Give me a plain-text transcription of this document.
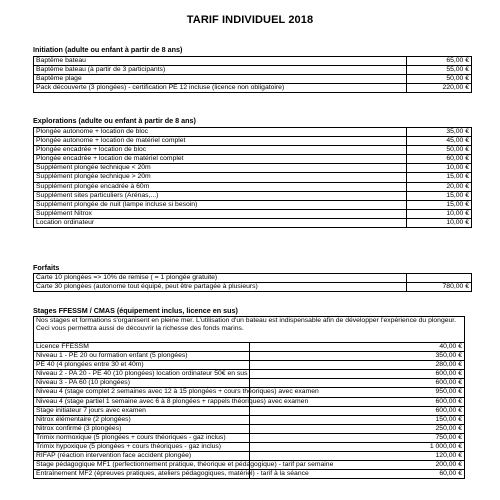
TARIF INDIVIDUEL 2018
Initiation (adulte ou enfant à partir de 8 ans)
Baptême bateau	65,00 €
Baptême bateau (à partir de 3 participants)	55,00 €
Baptême plage	50,00 €
Pack découverte (3 plongées) - certification PE 12 incluse (licence non obligatoire)	220,00 €
Explorations (adulte ou enfant à partir de 8 ans)
Plongée autonome + location de bloc	35,00 €
Plongée autonome + location de matériel complet	45,00 €
Plongée encadrée + location de bloc	50,00 €
Plongée encadrée + location de matériel complet	60,00 €
Supplément plongée technique < 20m	10,00 €
Supplément plongée technique > 20m	15,00 €
Supplément plongée encadrée à 60m	20,00 €
Supplément sites particuliers (Arénas,...)	15,00 €
Supplément plongée de nuit (lampe incluse si besoin)	15,00 €
Supplément Nitrox	10,00 €
Location ordinateur	10,00 €
Forfaits
Carte 10 plongées => 10% de remise ( = 1 plongée gratuite)	
Carte 30 plongées (autonome tout équipé, peut être partagée à plusieurs)	780,00 €
Stages FFESSM / CMAS (équipement inclus, licence en sus)
Nos stages et formations s'organisent en pleine mer. L'utilisation d'un bateau est indispensable afin de développer l'expérience du plongeur. Ceci vous permettra aussi de découvrir la richesse des fonds marins.	
Licence FFESSM	40,00 €
Niveau 1 - PE 20 ou formation enfant (5 plongées)	350,00 €
PE 40 (4 plongées entre 30 et 40m)	280,00 €
Niveau 2 - PA 20 - PE 40 (10 plongées) location ordinateur 50€ en sus	600,00 €
Niveau 3 - PA 60 (10 plongées)	600,00 €
Niveau 4 (stage complet 2 semaines avec 12 à 15 plongées + cours théoriques) avec examen	950,00 €
Niveau 4 (stage partiel 1 semaine avec 6 à 8 plongées + rappels théoriques) avec examen	600,00 €
Stage initiateur 7 jours avec examen	600,00 €
Nitrox élémentaire (2 plongées)	150,00 €
Nitrox confirmé (3 plongées)	250,00 €
Trimix normoxique (5 plongées + cours théoriques - gaz inclus)	750,00 €
Trimix hypoxique (5 plongées + cours théoriques - gaz inclus)	1 000,00 €
RIFAP (réaction intervention face accident plongée)	120,00 €
Stage pédagogique MF1 (perfectionnement pratique, théorique et pédagogique) - tarif par semaine	200,00 €
Entraînement MF2 (épreuves pratiques, ateliers pédagogiques, matériel) - tarif à la séance	60,00 €
